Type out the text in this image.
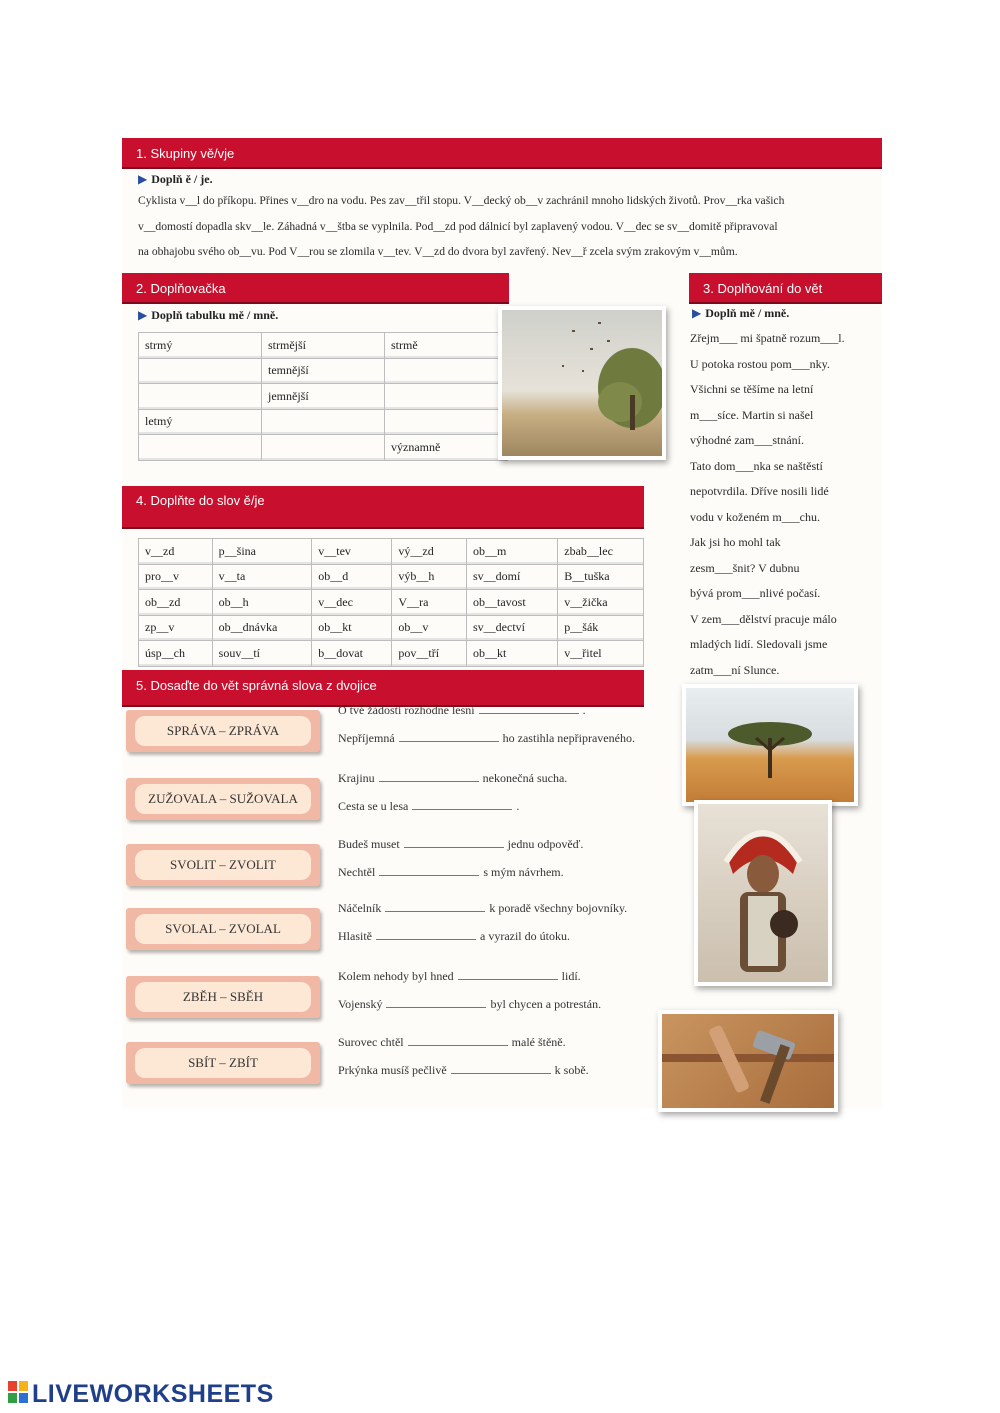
1. Skupiny vě/vje
▶ Doplň ě / je.
Cyklista v__l do příkopu. Přines v__dro na vodu. Pes zav__třil stopu. V__decký ob__v zachránil mnoho lidských životů. Prov__rka vašich
v__domostí dopadla skv__le. Záhadná v__štba se vyplnila. Pod__zd pod dálnicí byl zaplavený vodou. V__dec se sv__domitě připravoval
na obhajobu svého ob__vu. Pod V__rou se zlomila v__tev. V__zd do dvora byl zavřený. Nev__ř zcela svým zrakovým v__mům.
2. Doplňovačka
▶ Doplň tabulku mě / mně.
strmý	strmější	strmě
	temnější	
	jemnější	
letmý		
		významně
3. Doplňování do vět
▶ Doplň mě / mně.
Zřejm___ mi špatně rozum___l.
U potoka rostou pom___nky.
Všichni se těšíme na letní
m___síce. Martin si našel
výhodné zam___stnání.
Tato dom___nka se naštěstí
nepotvrdila. Dříve nosili lidé
vodu v koženém m___chu.
Jak jsi ho mohl tak
zesm___šnit? V dubnu
bývá prom___nlivé počasí.
V zem___dělství pracuje málo
mladých lidí. Sledovali jsme
zatm___ní Slunce.
4. Doplňte do slov ě/je
v__zd	p__šina	v__tev	vý__zd	ob__m	zbab__lec
pro__v	v__ta	ob__d	výb__h	sv__domí	B__tuška
ob__zd	ob__h	v__dec	V__ra	ob__tavost	v__žička
zp__v	ob__dnávka	ob__kt	ob__v	sv__dectví	p__šák
úsp__ch	souv__tí	b__dovat	pov__tří	ob__kt	v__řitel
5. Dosaďte do vět správná slova z dvojice
SPRÁVA – ZPRÁVA
O tvé žádosti rozhodne lesní	.
Nepříjemná	ho zastihla nepřipraveného.
ZUŽOVALA – SUŽOVALA
Krajinu	nekonečná sucha.
Cesta se u lesa	.
SVOLIT – ZVOLIT
Budeš muset	jednu odpověď.
Nechtěl	s mým návrhem.
SVOLAL – ZVOLAL
Náčelník	k poradě všechny bojovníky.
Hlasitě	a vyrazil do útoku.
ZBĚH – SBĚH
Kolem nehody byl hned	lidí.
Vojenský	byl chycen a potrestán.
SBÍT – ZBÍT
Surovec chtěl	malé štěně.
Prkýnka musíš pečlivě	k sobě.
LIVEWORKSHEETS
